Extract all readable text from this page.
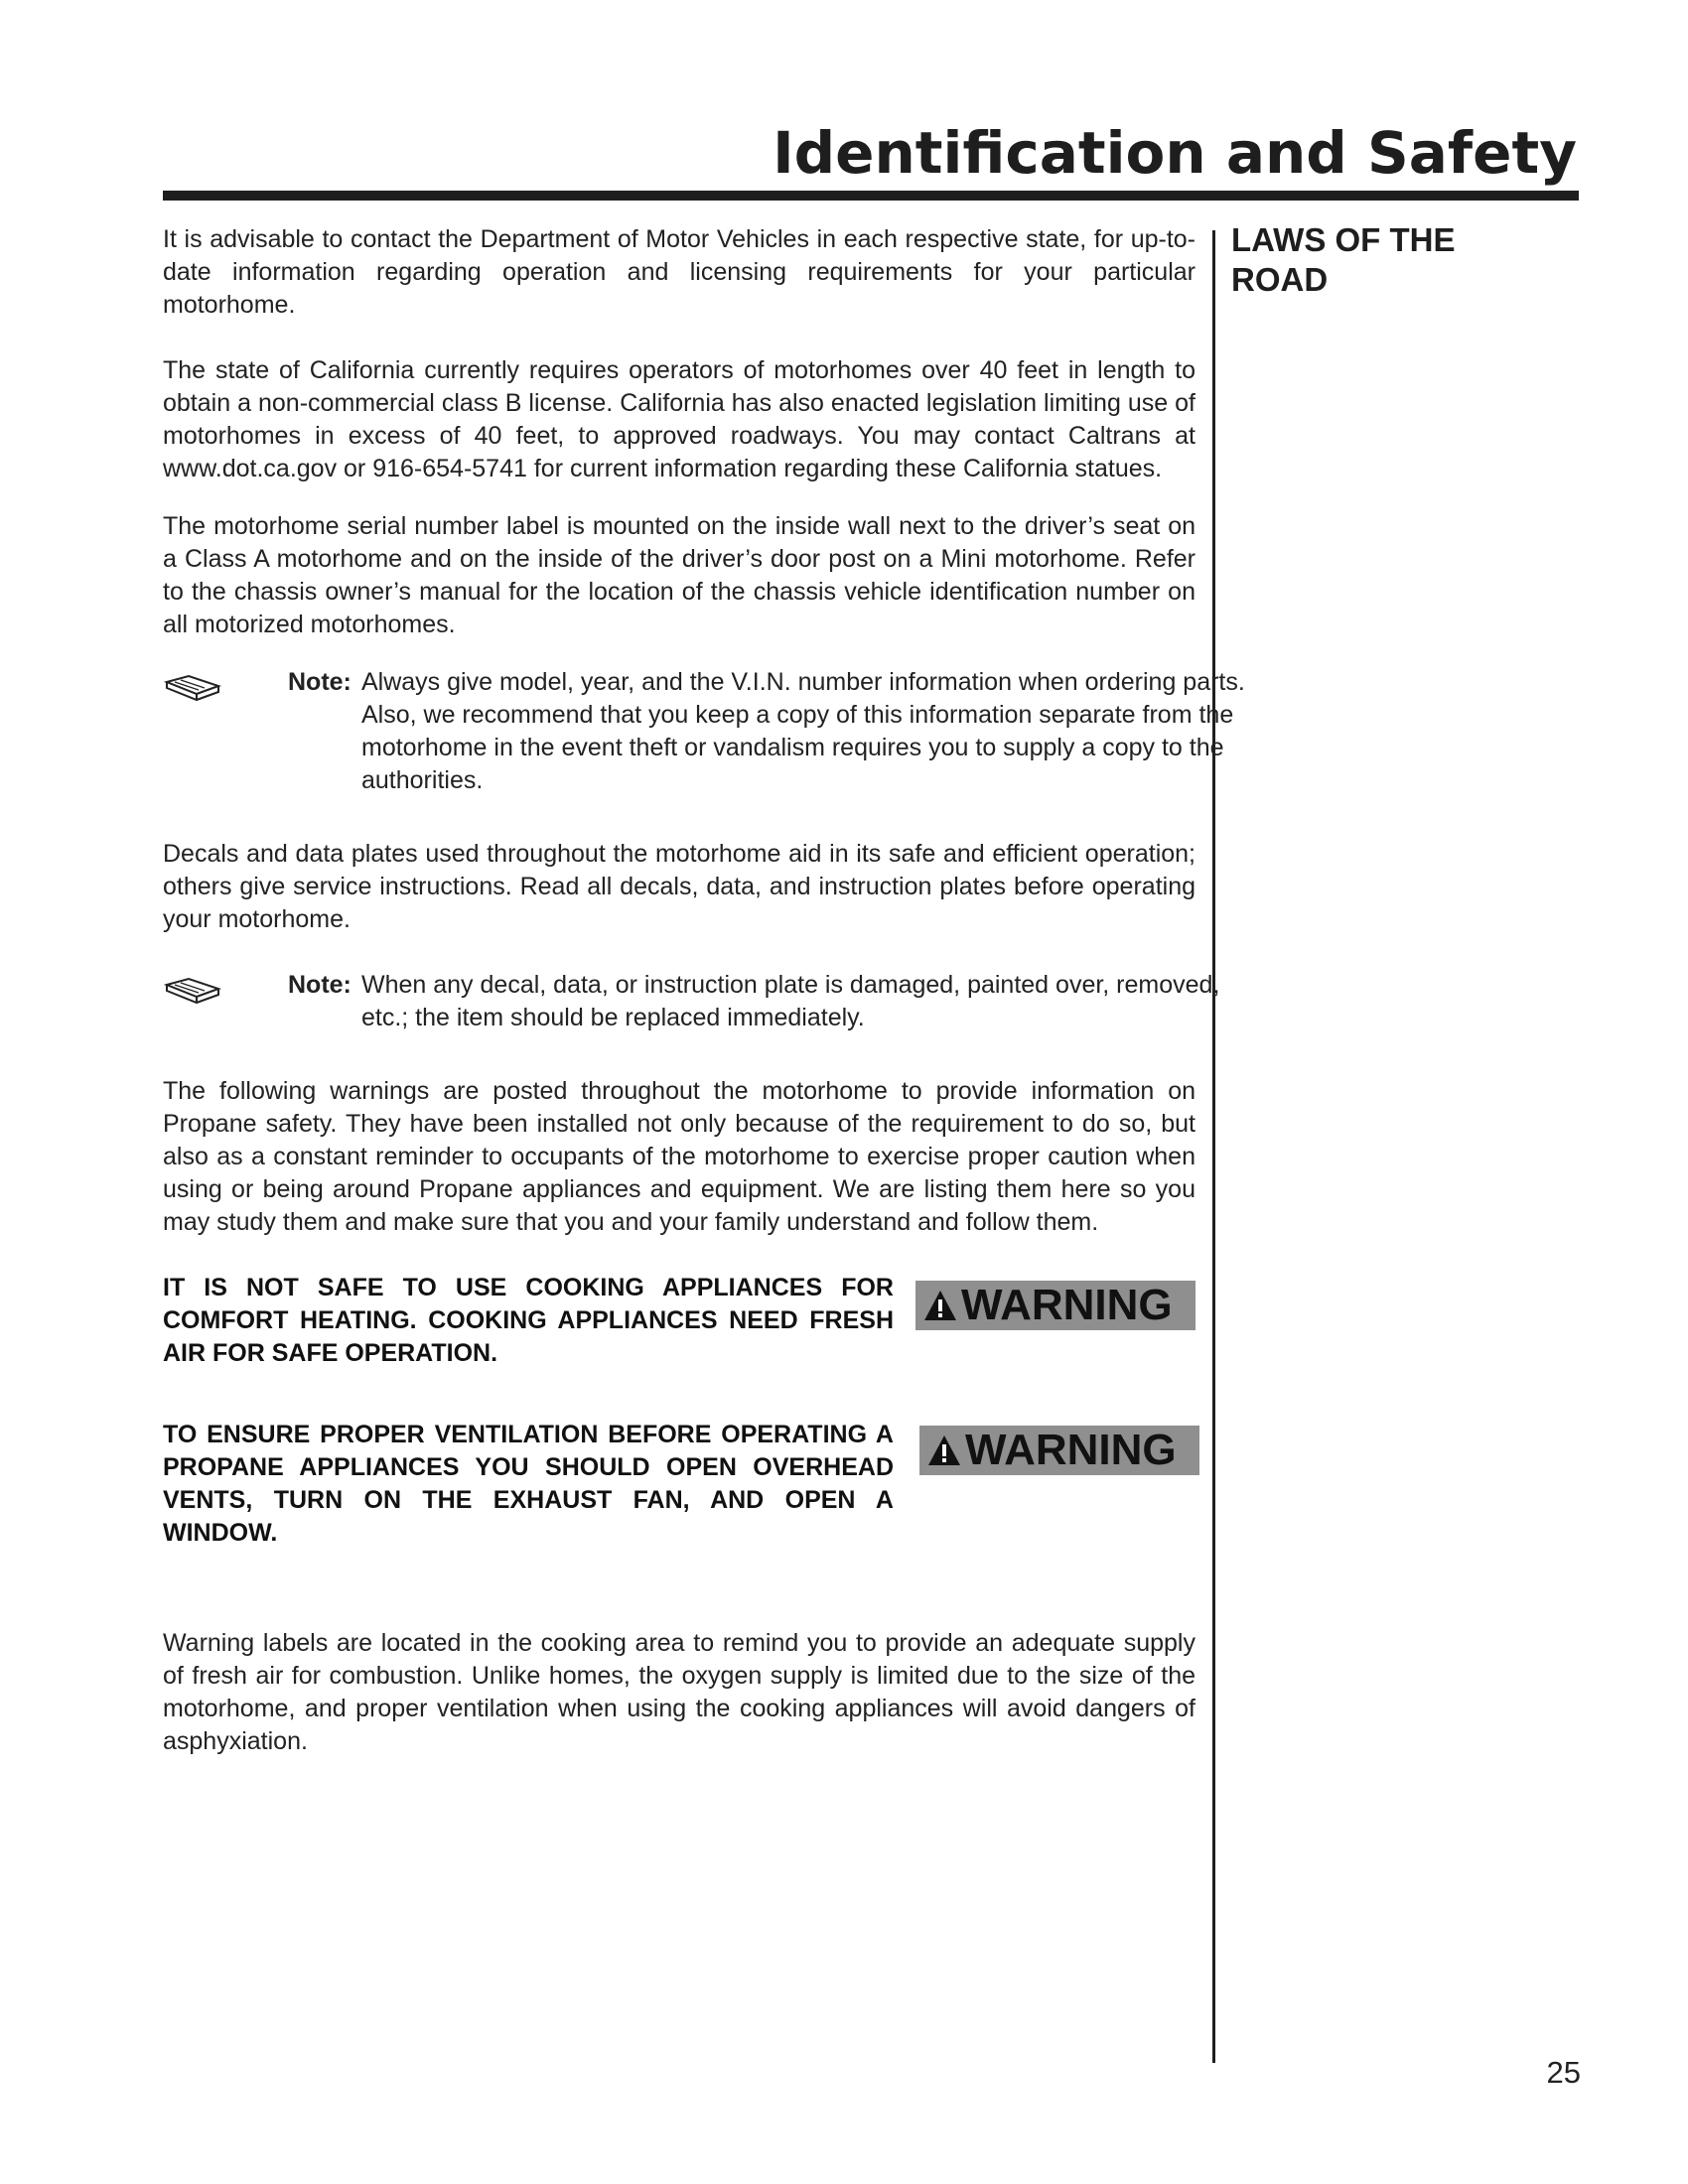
Identification and Safety
LAWS OF THE ROAD

It is advisable to contact the Department of Motor Vehicles in each respective state, for up-to-date information regarding operation and licensing requirements for your particular motorhome.

The state of California currently requires operators of motorhomes over 40 feet in length to obtain a non-commercial class B license. California has also enacted legislation limiting use of motorhomes in excess of 40 feet, to approved roadways. You may contact Caltrans at www.dot.ca.gov or 916-654-5741 for current information regarding these California statues.

The motorhome serial number label is mounted on the inside wall next to the driver’s seat on a Class A motorhome and on the inside of the driver’s door post on a Mini motorhome. Refer to the chassis owner’s manual for the location of the chassis vehicle identification number on all motorized motorhomes.

Note: Always give model, year, and the V.I.N. number information when ordering parts. Also, we recommend that you keep a copy of this information separate from the motorhome in the event theft or vandalism requires you to supply a copy to the authorities.

Decals and data plates used throughout the motorhome aid in its safe and efficient operation; others give service instructions. Read all decals, data, and instruction plates before operating your motorhome.

Note: When any decal, data, or instruction plate is damaged, painted over, removed, etc.; the item should be replaced immediately.

The following warnings are posted throughout the motorhome to provide information on Propane safety. They have been installed not only because of the requirement to do so, but also as a constant reminder to occupants of the motorhome to exercise proper caution when using or being around Propane appliances and equipment. We are listing them here so you may study them and make sure that you and your family understand and follow them.

IT IS NOT SAFE TO USE COOKING APPLIANCES FOR COMFORT HEATING. COOKING APPLIANCES NEED FRESH AIR FOR SAFE OPERATION.

WARNING

TO ENSURE PROPER VENTILATION BEFORE OPERATING A PROPANE APPLIANCES YOU SHOULD OPEN OVERHEAD VENTS, TURN ON THE EXHAUST FAN, AND OPEN A WINDOW.

WARNING

Warning labels are located in the cooking area to remind you to provide an adequate supply of fresh air for combustion. Unlike homes, the oxygen supply is limited due to the size of the motorhome, and proper ventilation when using the cooking appliances will avoid dangers of asphyxiation.

25
